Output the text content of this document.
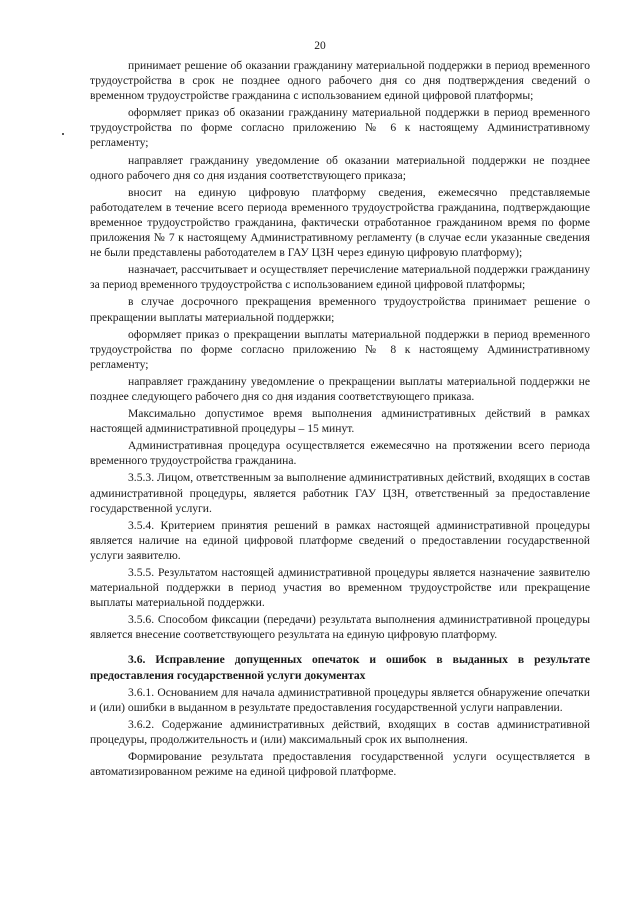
20

принимает решение об оказании гражданину материальной поддержки в период временного трудоустройства в срок не позднее одного рабочего дня со дня подтверждения сведений о временном трудоустройстве гражданина с использованием единой цифровой платформы;

оформляет приказ об оказании гражданину материальной поддержки в период временного трудоустройства по форме согласно приложению № 6 к настоящему Административному регламенту;

направляет гражданину уведомление об оказании материальной поддержки не позднее одного рабочего дня со дня издания соответствующего приказа;

вносит на единую цифровую платформу сведения, ежемесячно представляемые работодателем в течение всего периода временного трудоустройства гражданина, подтверждающие временное трудоустройство гражданина, фактически отработанное гражданином время по форме приложения № 7 к настоящему Административному регламенту (в случае если указанные сведения не были представлены работодателем в ГАУ ЦЗН через единую цифровую платформу);

назначает, рассчитывает и осуществляет перечисление материальной поддержки гражданину за период временного трудоустройства с использованием единой цифровой платформы;

в случае досрочного прекращения временного трудоустройства принимает решение о прекращении выплаты материальной поддержки;

оформляет приказ о прекращении выплаты материальной поддержки в период временного трудоустройства по форме согласно приложению № 8 к настоящему Административному регламенту;

направляет гражданину уведомление о прекращении выплаты материальной поддержки не позднее следующего рабочего дня со дня издания соответствующего приказа.

Максимально допустимое время выполнения административных действий в рамках настоящей административной процедуры – 15 минут.

Административная процедура осуществляется ежемесячно на протяжении всего периода временного трудоустройства гражданина.

3.5.3. Лицом, ответственным за выполнение административных действий, входящих в состав административной процедуры, является работник ГАУ ЦЗН, ответственный за предоставление государственной услуги.

3.5.4. Критерием принятия решений в рамках настоящей административной процедуры является наличие на единой цифровой платформе сведений о предоставлении государственной услуги заявителю.

3.5.5. Результатом настоящей административной процедуры является назначение заявителю материальной поддержки в период участия во временном трудоустройстве или прекращение выплаты материальной поддержки.

3.5.6. Способом фиксации (передачи) результата выполнения административной процедуры является внесение соответствующего результата на единую цифровую платформу.

3.6. Исправление допущенных опечаток и ошибок в выданных в результате предоставления государственной услуги документах

3.6.1. Основанием для начала административной процедуры является обнаружение опечатки и (или) ошибки в выданном в результате предоставления государственной услуги направлении.

3.6.2. Содержание административных действий, входящих в состав административной процедуры, продолжительность и (или) максимальный срок их выполнения.

Формирование результата предоставления государственной услуги осуществляется в автоматизированном режиме на единой цифровой платформе.
